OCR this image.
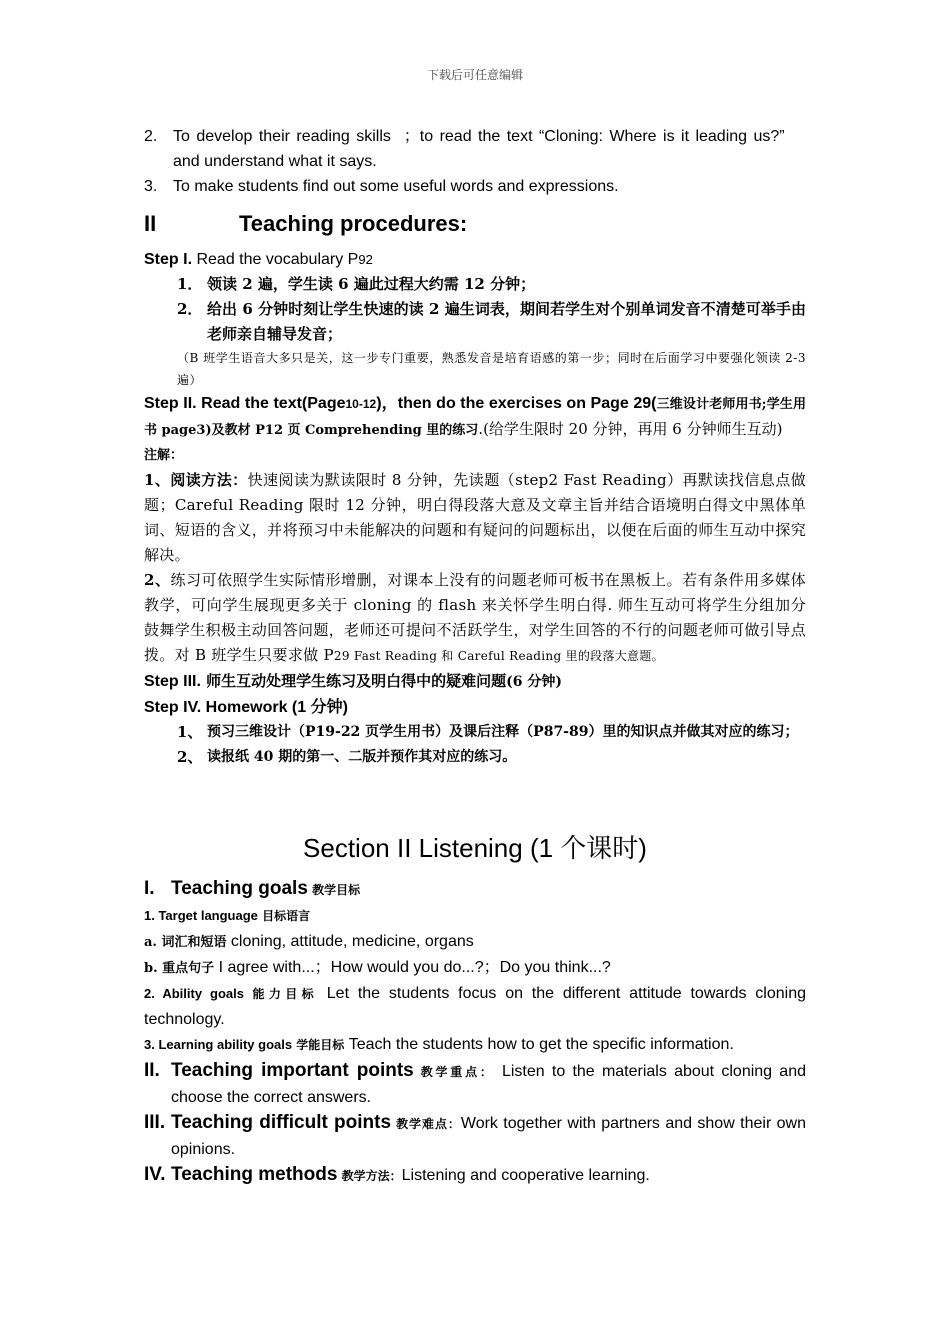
下载后可任意编辑
2. To develop their reading skills  ；to read the text “Cloning: Where is it leading us?”
and understand what it says.
3. To make students find out some useful words and expressions.
II	Teaching procedures:
Step I. Read the vocabulary P92
1． 领读 2 遍，学生读 6 遍此过程大约需 12 分钟；
2． 给出 6 分钟时刻让学生快速的读 2 遍生词表，期间若学生对个别单词发音不清楚可举手由老师亲自辅导发音；
（B 班学生语音大多只是关，这一步专门重要，熟悉发音是培育语感的第一步；同时在后面学习中要强化领读 2-3 遍）
Step II. Read the text(Page10-12)，then do the exercises on Page 29(三维设计老师用书;学生用书 page3)及教材 P12 页 Comprehending 里的练习.(给学生限时 20 分钟，再用 6 分钟师生互动)
注解：
1、阅读方法：快速阅读为默读限时 8 分钟，先读题（step2 Fast Reading）再默读找信息点做题；Careful Reading 限时 12 分钟，明白得段落大意及文章主旨并结合语境明白得文中黑体单词、短语的含义，并将预习中未能解决的问题和有疑问的问题标出，以便在后面的师生互动中探究解决。
2、练习可依照学生实际情形增删，对课本上没有的问题老师可板书在黑板上。若有条件用多媒体教学，可向学生展现更多关于 cloning 的 flash 来关怀学生明白得. 师生互动可将学生分组加分鼓舞学生积极主动回答问题，老师还可提问不活跃学生，对学生回答的不行的问题老师可做引导点拨。对 B 班学生只要求做 P29 Fast Reading 和 Careful Reading 里的段落大意题。
Step III. 师生互动处理学生练习及明白得中的疑难问题(6 分钟)
Step IV. Homework (1 分钟)
1、 预习三维设计（P19-22 页学生用书）及课后注释（P87-89）里的知识点并做其对应的练习；
2、 读报纸 40 期的第一、二版并预作其对应的练习。
Section II Listening (1 个课时)
I. Teaching goals 教学目标
1. Target language 目标语言
a. 词汇和短语 cloning, attitude, medicine, organs
b. 重点句子 I agree with...；How would you do...?；Do you think...?
2. Ability goals 能力目标 Let the students focus on the different attitude towards cloning technology.
3. Learning ability goals 学能目标 Teach the students how to get the specific information.
II. Teaching important points 教学重点： Listen to the materials about cloning and choose the correct answers.
III. Teaching difficult points 教学难点：Work together with partners and show their own opinions.
IV. Teaching methods 教学方法：Listening and cooperative learning.
